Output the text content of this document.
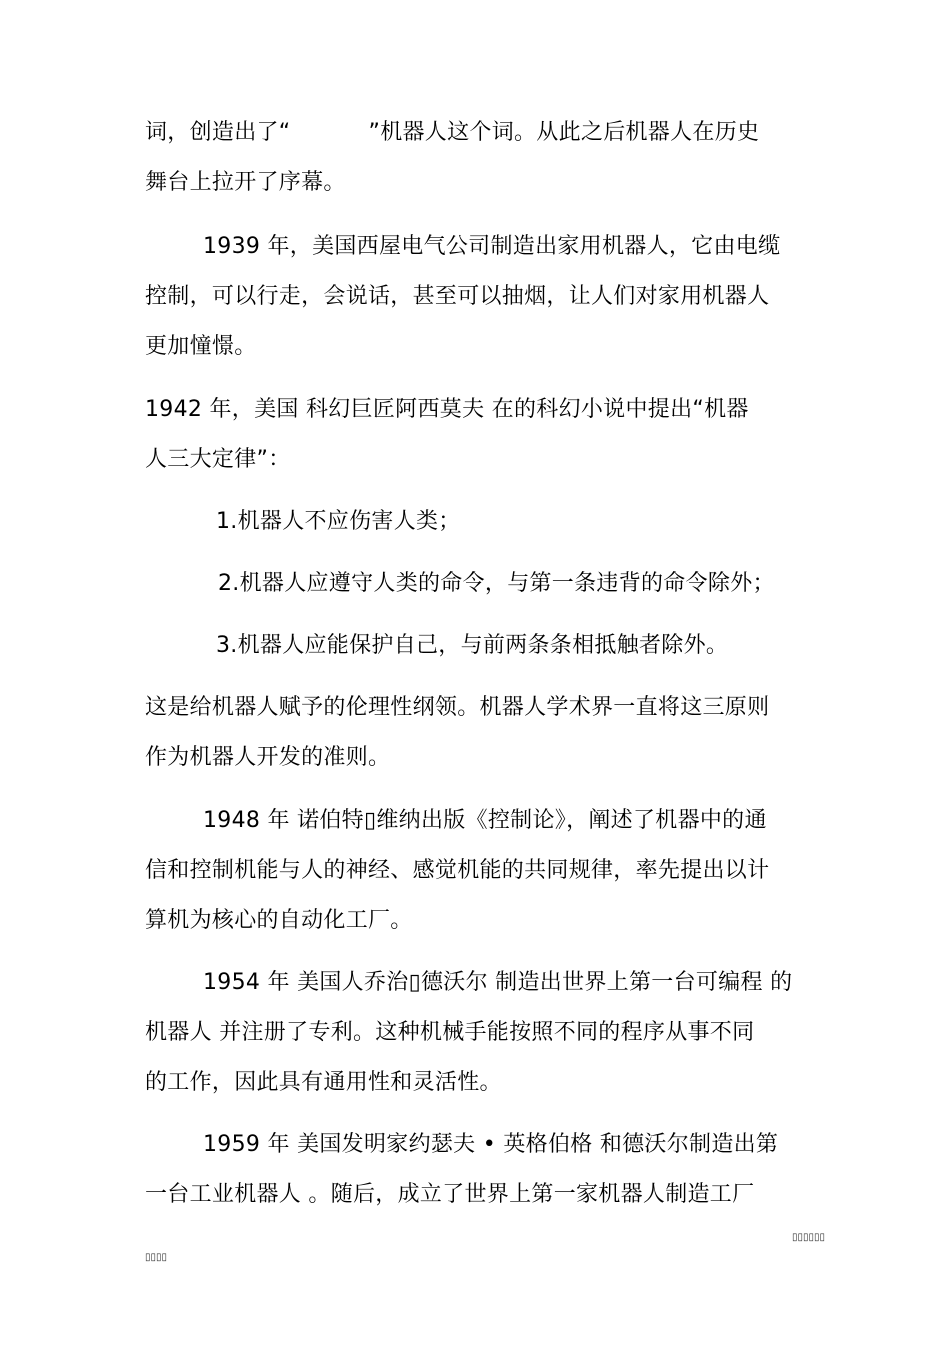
词，创造出了“	”机器人这个词。从此之后机器人在历史
舞台上拉开了序幕。
1939 年，美国西屋电气公司制造出家用机器人，它由电缆
控制，可以行走，会说话，甚至可以抽烟，让人们对家用机器人
更加憧憬。
1942 年，美国 科幻巨匠阿西莫夫 在的科幻小说中提出“机器
人三大定律”：
1.机器人不应伤害人类；
2.机器人应遵守人类的命令，与第一条违背的命令除外；
3.机器人应能保护自己，与前两条条相抵触者除外。
这是给机器人赋予的伦理性纲领。机器人学术界一直将这三原则
作为机器人开发的准则。
1948 年 诺伯特▯维纳出版《控制论》，阐述了机器中的通
信和控制机能与人的神经、感觉机能的共同规律，率先提出以计
算机为核心的自动化工厂。
1954 年 美国人乔治▯德沃尔 制造出世界上第一台可编程 的
机器人 并注册了专利。这种机械手能按照不同的程序从事不同
的工作，因此具有通用性和灵活性。
1959 年 美国发明家约瑟夫 • 英格伯格 和德沃尔制造出第
一台工业机器人 。随后，成立了世界上第一家机器人制造工厂
▯▯▯▯▯▯
▯▯▯▯
